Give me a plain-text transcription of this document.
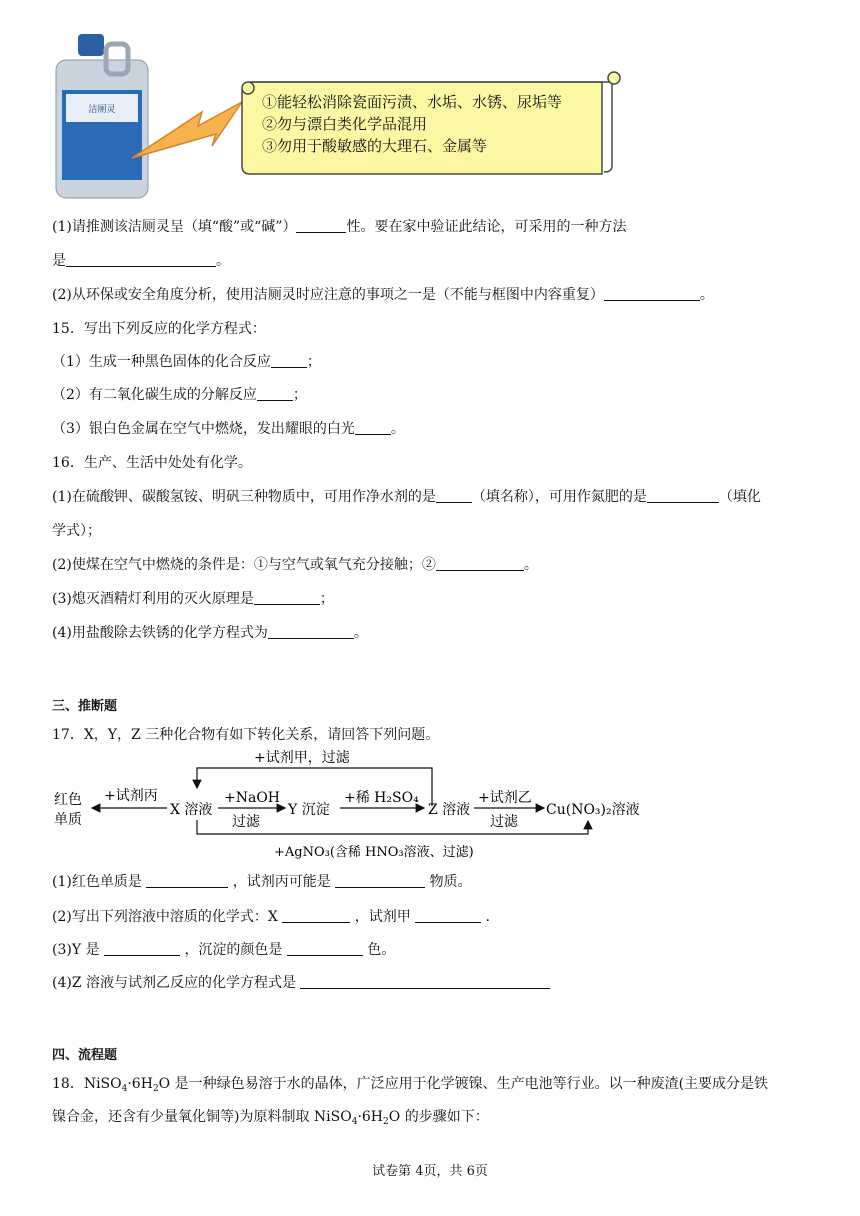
洁厕灵	①能轻松消除瓷面污渍、水垢、水锈、尿垢等
②勿与漂白类化学品混用
③勿用于酸敏感的大理石、金属等
(1)请推测该洁厕灵呈（填“酸”或“碱”）	性。要在家中验证此结论，可采用的一种方法
是	。
(2)从环保或安全角度分析，使用洁厕灵时应注意的事项之一是（不能与框图中内容重复）	。
15．写出下列反应的化学方程式：
（1）生成一种黑色固体的化合反应	；
（2）有二氧化碳生成的分解反应	；
（3）银白色金属在空气中燃烧，发出耀眼的白光	。
16．生产、生活中处处有化学。
(1)在硫酸钾、碳酸氢铵、明矾三种物质中，可用作净水剂的是	（填名称），可用作氮肥的是	（填化
学式）；
(2)使煤在空气中燃烧的条件是：①与空气或氧气充分接触；②	。
(3)熄灭酒精灯利用的灭火原理是	；
(4)用盐酸除去铁锈的化学方程式为	。
三、推断题
17．X，Y，Z 三种化合物有如下转化关系，请回答下列问题。
+试剂甲，过滤
红色
单质
+试剂丙
X 溶液
+NaOH
过滤
Y 沉淀
+稀 H₂SO₄
Z 溶液
+试剂乙
过滤
Cu(NO₃)₂溶液
+AgNO₃(含稀 HNO₃溶液、过滤)
(1)红色单质是	，试剂丙可能是	物质。
(2)写出下列溶液中溶质的化学式：X	，试剂甲	．
(3)Y 是	，沉淀的颜色是	色。
(4)Z 溶液与试剂乙反应的化学方程式是
四、流程题
18．$NiSO_4\cdot 6H_2O$ 是一种绿色易溶于水的晶体，广泛应用于化学镀镍、生产电池等行业。以一种废渣(主要成分是铁
镍合金，还含有少量氧化铜等)为原料制取 $NiSO_4\cdot 6H_2O$ 的步骤如下：
试卷第 4页，共 6页
